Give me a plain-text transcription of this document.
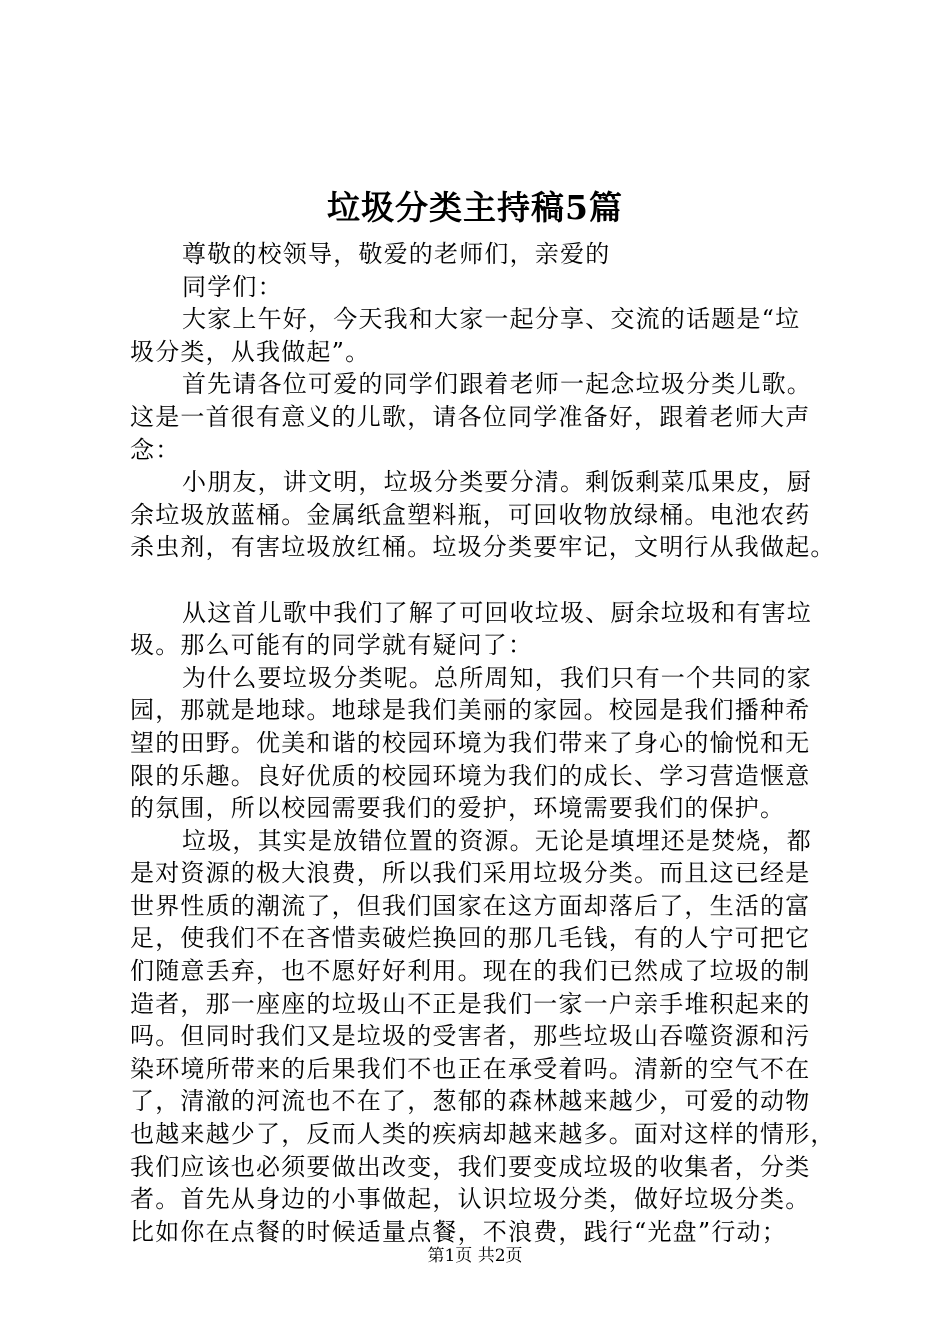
垃圾分类主持稿5篇
尊敬的校领导，敬爱的老师们，亲爱的
同学们：
大家上午好，今天我和大家一起分享、交流的话题是“垃
圾分类，从我做起”。
首先请各位可爱的同学们跟着老师一起念垃圾分类儿歌。
这是一首很有意义的儿歌，请各位同学准备好，跟着老师大声
念：
小朋友，讲文明，垃圾分类要分清。剩饭剩菜瓜果皮，厨
余垃圾放蓝桶。金属纸盒塑料瓶，可回收物放绿桶。电池农药
杀虫剂，有害垃圾放红桶。垃圾分类要牢记，文明行从我做起。
从这首儿歌中我们了解了可回收垃圾、厨余垃圾和有害垃
圾。那么可能有的同学就有疑问了：
为什么要垃圾分类呢。总所周知，我们只有一个共同的家
园，那就是地球。地球是我们美丽的家园。校园是我们播种希
望的田野。优美和谐的校园环境为我们带来了身心的愉悦和无
限的乐趣。良好优质的校园环境为我们的成长、学习营造惬意
的氛围，所以校园需要我们的爱护，环境需要我们的保护。
垃圾，其实是放错位置的资源。无论是填埋还是焚烧，都
是对资源的极大浪费，所以我们采用垃圾分类。而且这已经是
世界性质的潮流了，但我们国家在这方面却落后了，生活的富
足，使我们不在吝惜卖破烂换回的那几毛钱，有的人宁可把它
们随意丢弃，也不愿好好利用。现在的我们已然成了垃圾的制
造者，那一座座的垃圾山不正是我们一家一户亲手堆积起来的
吗。但同时我们又是垃圾的受害者，那些垃圾山吞噬资源和污
染环境所带来的后果我们不也正在承受着吗。清新的空气不在
了，清澈的河流也不在了，葱郁的森林越来越少，可爱的动物
也越来越少了，反而人类的疾病却越来越多。面对这样的情形，
我们应该也必须要做出改变，我们要变成垃圾的收集者，分类
者。首先从身边的小事做起，认识垃圾分类，做好垃圾分类。
比如你在点餐的时候适量点餐，不浪费，践行“光盘”行动；
第1页 共2页
